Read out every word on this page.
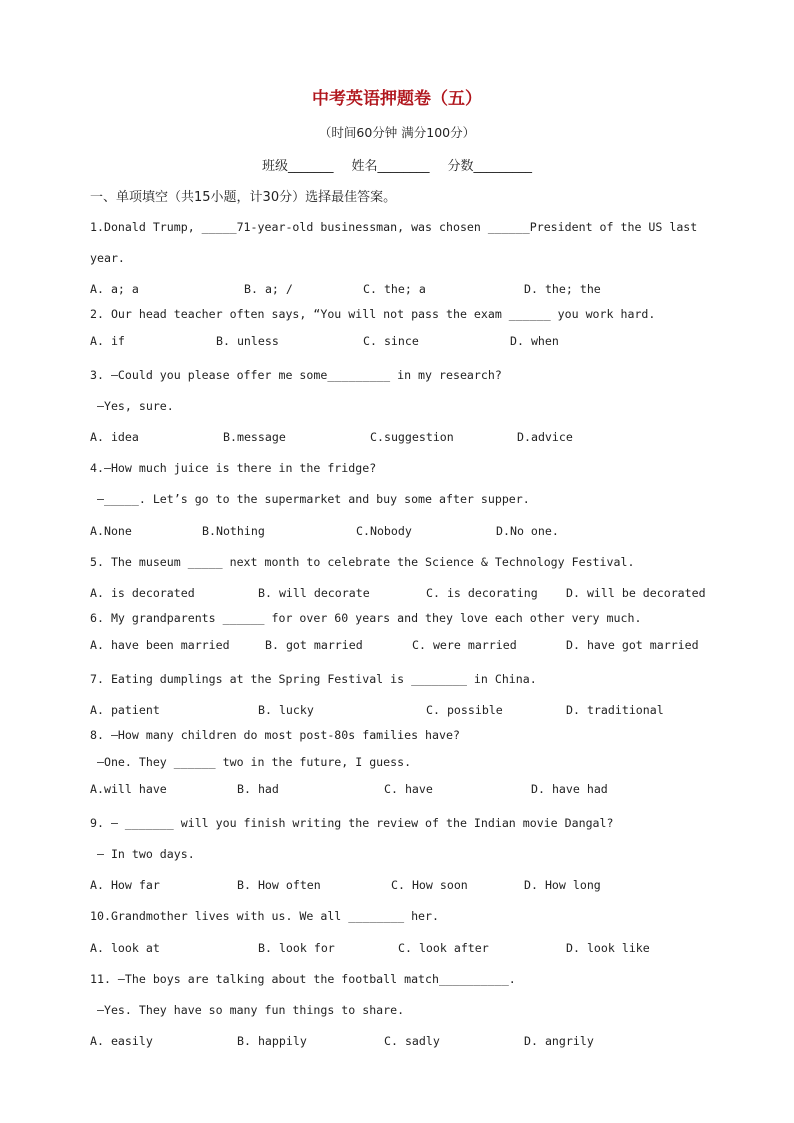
中考英语押题卷（五）
（时间60分钟 满分100分）
班级_______ 姓名________ 分数_________
一、单项填空（共15小题，计30分）选择最佳答案。
1.Donald Trump, _____71-year-old businessman, was chosen ______President of the US last
year.
A. a; a	B. a; /	C. the; a	D. the; the
2. Our head teacher often says, “You will not pass the exam ______ you work hard.
A. if	B. unless	C. since	D. when
3. —Could you please offer me some_________ in my research?
—Yes, sure.
A. idea	B.message	C.suggestion	D.advice
4.—How much juice is there in the fridge?
—_____. Let’s go to the supermarket and buy some after supper.
A.None	B.Nothing	C.Nobody	D.No one.
5. The museum _____ next month to celebrate the Science & Technology Festival.
A. is decorated	B. will decorate	C. is decorating D. will be decorated
6. My grandparents ______ for over 60 years and they love each other very much.
A. have been married	B. got married	C. were married	D. have got married
7. Eating dumplings at the Spring Festival is ________ in China.
A. patient	B. lucky	C. possible	D. traditional
8. —How many children do most post-80s families have?
—One. They ______ two in the future, I guess.
A.will have	B. had	C. have	D. have had
9. — _______ will you finish writing the review of the Indian movie Dangal?
— In two days.
A. How far	B. How often	C. How soon	D. How long
10.Grandmother lives with us. We all ________ her.
A. look at	B. look for	C. look after	D. look like
11. —The boys are talking about the football match__________.
—Yes. They have so many fun things to share.
A. easily	B. happily	C. sadly	D. angrily
